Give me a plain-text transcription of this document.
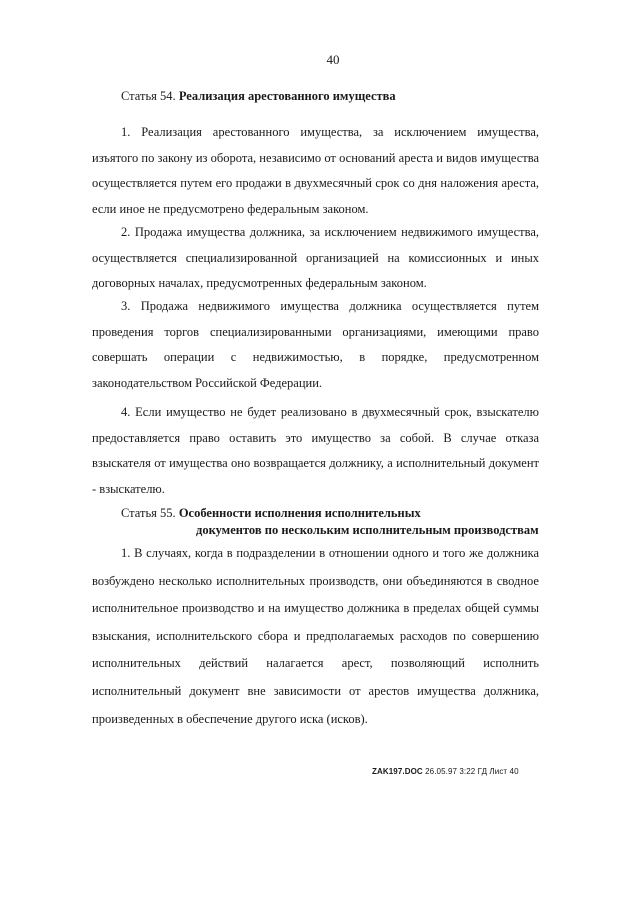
40
Статья 54. Реализация арестованного имущества

1. Реализация арестованного имущества, за исключением имущества, изъятого по закону из оборота, независимо от оснований ареста и видов имущества осуществляется путем его продажи в двухмесячный срок со дня наложения ареста, если иное не предусмотрено федеральным законом.

2. Продажа имущества должника, за исключением недвижимого имущества, осуществляется специализированной организацией на комиссионных и иных договорных началах, предусмотренных федеральным законом.

3. Продажа недвижимого имущества должника осуществляется путем проведения торгов специализированными организациями, имеющими право совершать операции с недвижимостью, в порядке, предусмотренном законодательством Российской Федерации.

4. Если имущество не будет реализовано в двухмесячный срок, взыскателю предоставляется право оставить это имущество за собой. В случае отказа взыскателя от имущества оно возвращается должнику, а исполнительный документ - взыскателю.

Статья 55. Особенности исполнения исполнительных
документов по нескольким исполнительным производствам

1. В случаях, когда в подразделении в отношении одного и того же должника возбуждено несколько исполнительных производств, они объединяются в сводное исполнительное производство и на имущество должника в пределах общей суммы взыскания, исполнительского сбора и предполагаемых расходов по совершению исполнительных действий налагается арест, позволяющий исполнить исполнительный документ вне зависимости от арестов имущества должника, произведенных в обеспечение другого иска (исков).

ZAK197.DOC 26.05.97 3:22 ГД Лист 40
